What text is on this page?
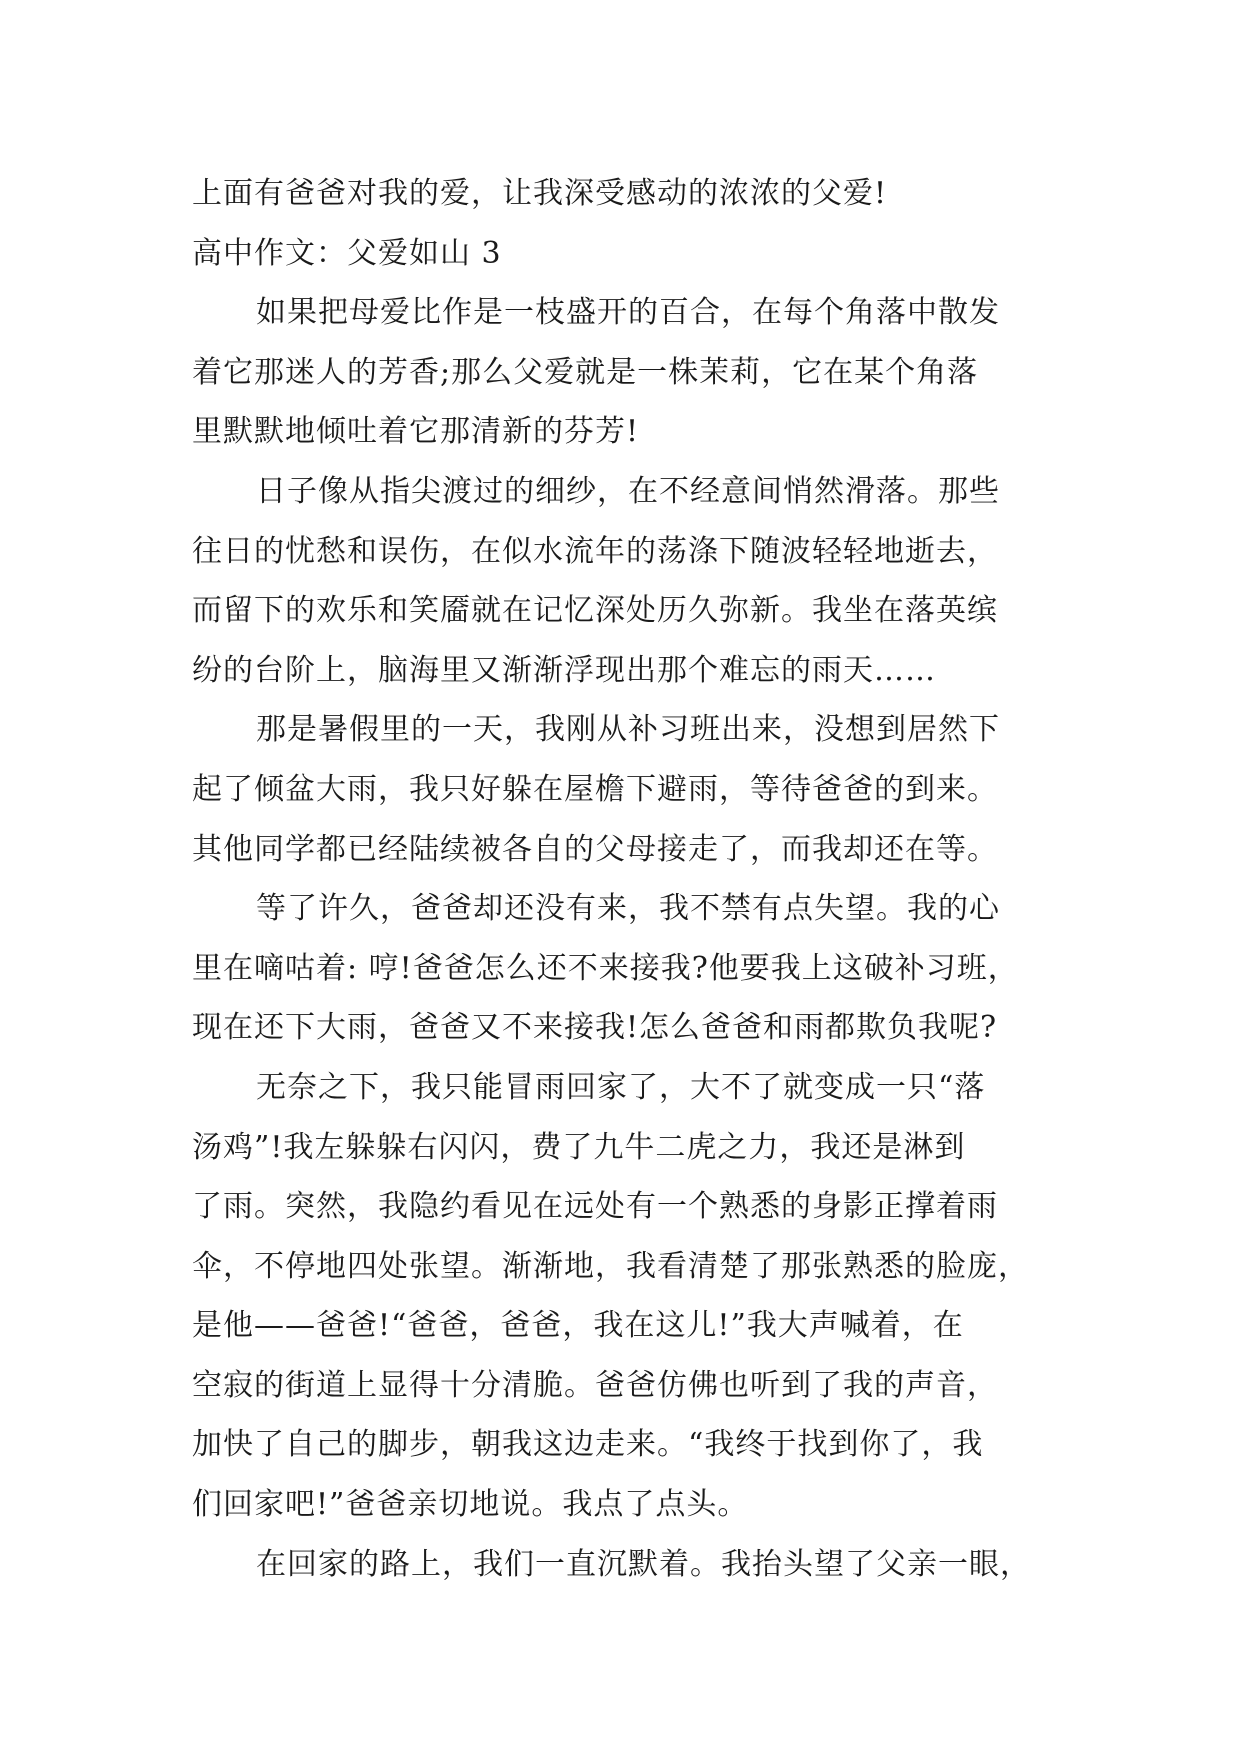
上面有爸爸对我的爱，让我深受感动的浓浓的父爱!
高中作文：父爱如山 3
如果把母爱比作是一枝盛开的百合，在每个角落中散发
着它那迷人的芳香;那么父爱就是一株茉莉，它在某个角落
里默默地倾吐着它那清新的芬芳!
日子像从指尖渡过的细纱，在不经意间悄然滑落。那些
往日的忧愁和误伤，在似水流年的荡涤下随波轻轻地逝去，
而留下的欢乐和笑靥就在记忆深处历久弥新。我坐在落英缤
纷的台阶上，脑海里又渐渐浮现出那个难忘的雨天……
那是暑假里的一天，我刚从补习班出来，没想到居然下
起了倾盆大雨，我只好躲在屋檐下避雨，等待爸爸的到来。
其他同学都已经陆续被各自的父母接走了，而我却还在等。
等了许久，爸爸却还没有来，我不禁有点失望。我的心
里在嘀咕着: 哼!爸爸怎么还不来接我?他要我上这破补习班，
现在还下大雨，爸爸又不来接我!怎么爸爸和雨都欺负我呢?
无奈之下，我只能冒雨回家了，大不了就变成一只“落
汤鸡”!我左躲躲右闪闪，费了九牛二虎之力，我还是淋到
了雨。突然，我隐约看见在远处有一个熟悉的身影正撑着雨
伞，不停地四处张望。渐渐地，我看清楚了那张熟悉的脸庞，
是他——爸爸!“爸爸，爸爸，我在这儿!”我大声喊着，在
空寂的街道上显得十分清脆。爸爸仿佛也听到了我的声音，
加快了自己的脚步，朝我这边走来。“我终于找到你了，我
们回家吧!”爸爸亲切地说。我点了点头。
在回家的路上，我们一直沉默着。我抬头望了父亲一眼，
